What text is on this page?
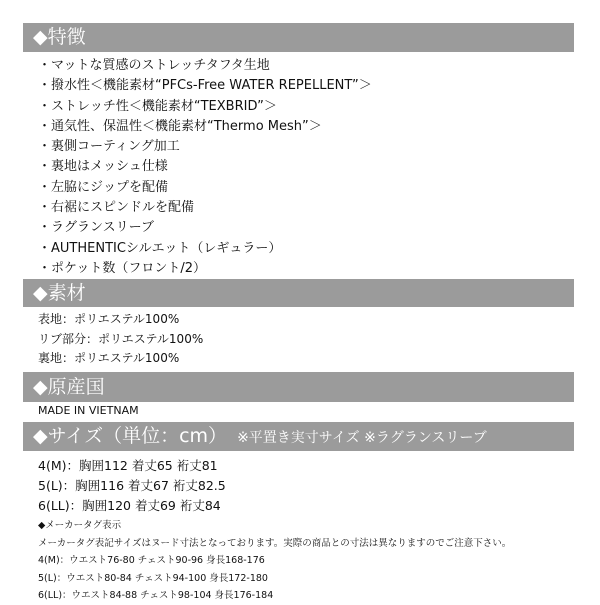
◆特徴
・マットな質感のストレッチタフタ生地
・撥水性＜機能素材“PFCs-Free WATER REPELLENT”＞
・ストレッチ性＜機能素材“TEXBRID”＞
・通気性、保温性＜機能素材“Thermo Mesh”＞
・裏側コーティング加工
・裏地はメッシュ仕様
・左脇にジップを配備
・右裾にスピンドルを配備
・ラグランスリーブ
・AUTHENTICシルエット（レギュラー）
・ポケット数（フロント/2）
◆素材
表地：ポリエステル100%
リブ部分：ポリエステル100%
裏地：ポリエステル100%
◆原産国
MADE IN VIETNAM
◆サイズ（単位：cm） ※平置き実寸サイズ ※ラグランスリーブ
4(M)：胸囲112 着丈65 裄丈81
5(L)：胸囲116 着丈67 裄丈82.5
6(LL)：胸囲120 着丈69 裄丈84
◆メーカータグ表示
メーカータグ表記サイズはヌード寸法となっております。実際の商品との寸法は異なりますのでご注意下さい。
4(M)：ウエスト76-80 チェスト90-96 身長168-176
5(L)：ウエスト80-84 チェスト94-100 身長172-180
6(LL)：ウエスト84-88 チェスト98-104 身長176-184
